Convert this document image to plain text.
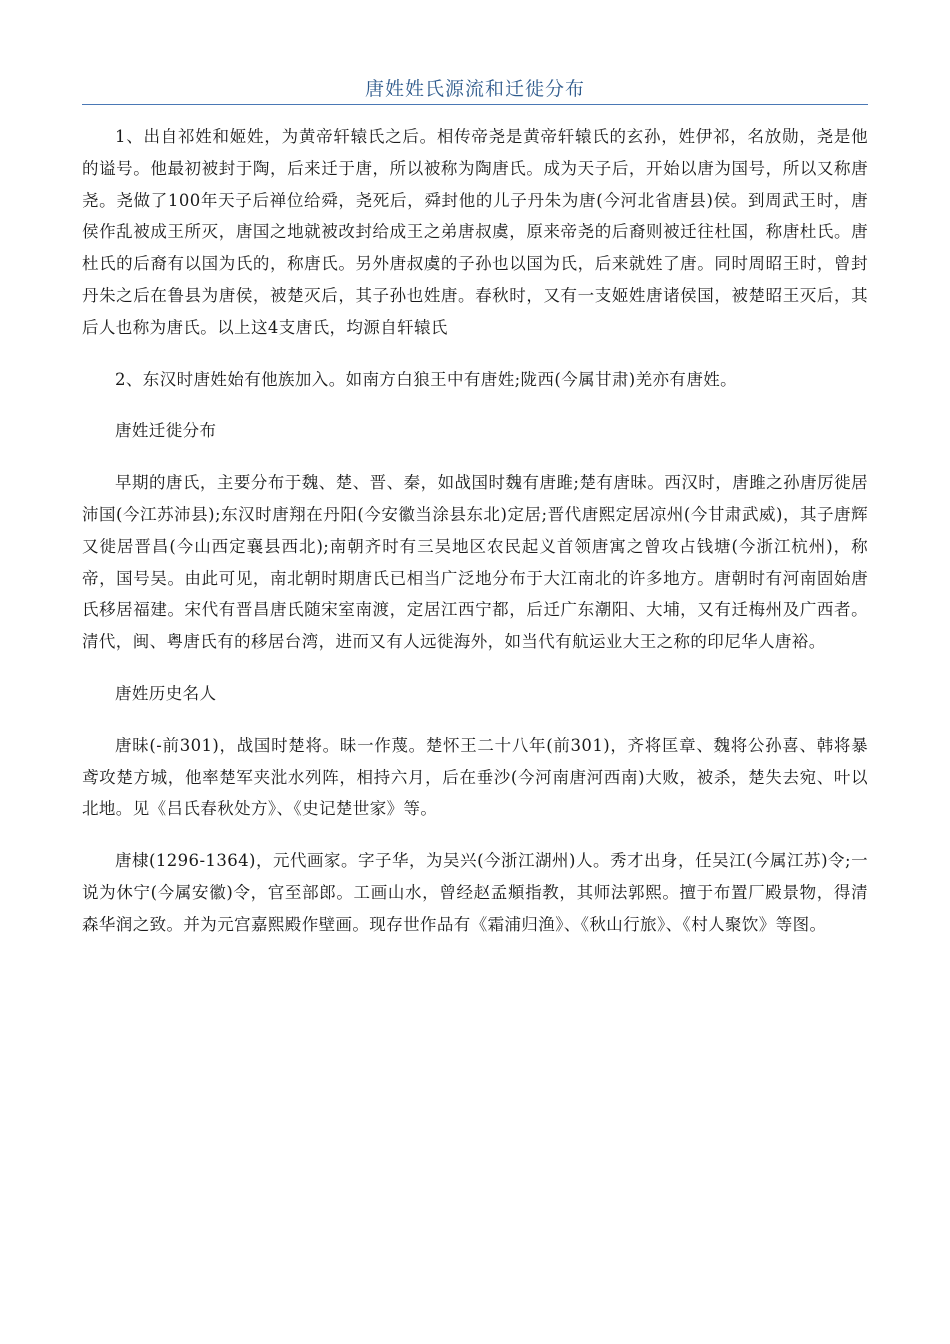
唐姓姓氏源流和迁徙分布

1、出自祁姓和姬姓，为黄帝轩辕氏之后。相传帝尧是黄帝轩辕氏的玄孙，姓伊祁，名放勋，尧是他的谥号。他最初被封于陶，后来迁于唐，所以被称为陶唐氏。成为天子后，开始以唐为国号，所以又称唐尧。尧做了100年天子后禅位给舜，尧死后，舜封他的儿子丹朱为唐(今河北省唐县)侯。到周武王时，唐侯作乱被成王所灭，唐国之地就被改封给成王之弟唐叔虞，原来帝尧的后裔则被迁往杜国，称唐杜氏。唐杜氏的后裔有以国为氏的，称唐氏。另外唐叔虞的子孙也以国为氏，后来就姓了唐。同时周昭王时，曾封丹朱之后在鲁县为唐侯，被楚灭后，其子孙也姓唐。春秋时，又有一支姬姓唐诸侯国，被楚昭王灭后，其后人也称为唐氏。以上这4支唐氏，均源自轩辕氏

2、东汉时唐姓始有他族加入。如南方白狼王中有唐姓;陇西(今属甘肃)羌亦有唐姓。

唐姓迁徙分布

早期的唐氏，主要分布于魏、楚、晋、秦，如战国时魏有唐雎;楚有唐昧。西汉时，唐雎之孙唐厉徙居沛国(今江苏沛县);东汉时唐翔在丹阳(今安徽当涂县东北)定居;晋代唐熙定居凉州(今甘肃武威)，其子唐辉又徙居晋昌(今山西定襄县西北);南朝齐时有三吴地区农民起义首领唐寓之曾攻占钱塘(今浙江杭州)，称帝，国号吴。由此可见，南北朝时期唐氏已相当广泛地分布于大江南北的许多地方。唐朝时有河南固始唐氏移居福建。宋代有晋昌唐氏随宋室南渡，定居江西宁都，后迁广东潮阳、大埔，又有迁梅州及广西者。清代，闽、粤唐氏有的移居台湾，进而又有人远徙海外，如当代有航运业大王之称的印尼华人唐裕。

唐姓历史名人

唐昧(-前301)，战国时楚将。昧一作蔑。楚怀王二十八年(前301)，齐将匡章、魏将公孙喜、韩将暴鸢攻楚方城，他率楚军夹沘水列阵，相持六月，后在垂沙(今河南唐河西南)大败，被杀，楚失去宛、叶以北地。见《吕氏春秋处方》、《史记楚世家》等。

唐棣(1296-1364)，元代画家。字子华，为吴兴(今浙江湖州)人。秀才出身，任吴江(今属江苏)令;一说为休宁(今属安徽)令，官至部郎。工画山水，曾经赵孟頫指教，其师法郭熙。擅于布置厂殿景物，得清森华润之致。并为元宫嘉熙殿作壁画。现存世作品有《霜浦归渔》、《秋山行旅》、《村人聚饮》等图。
